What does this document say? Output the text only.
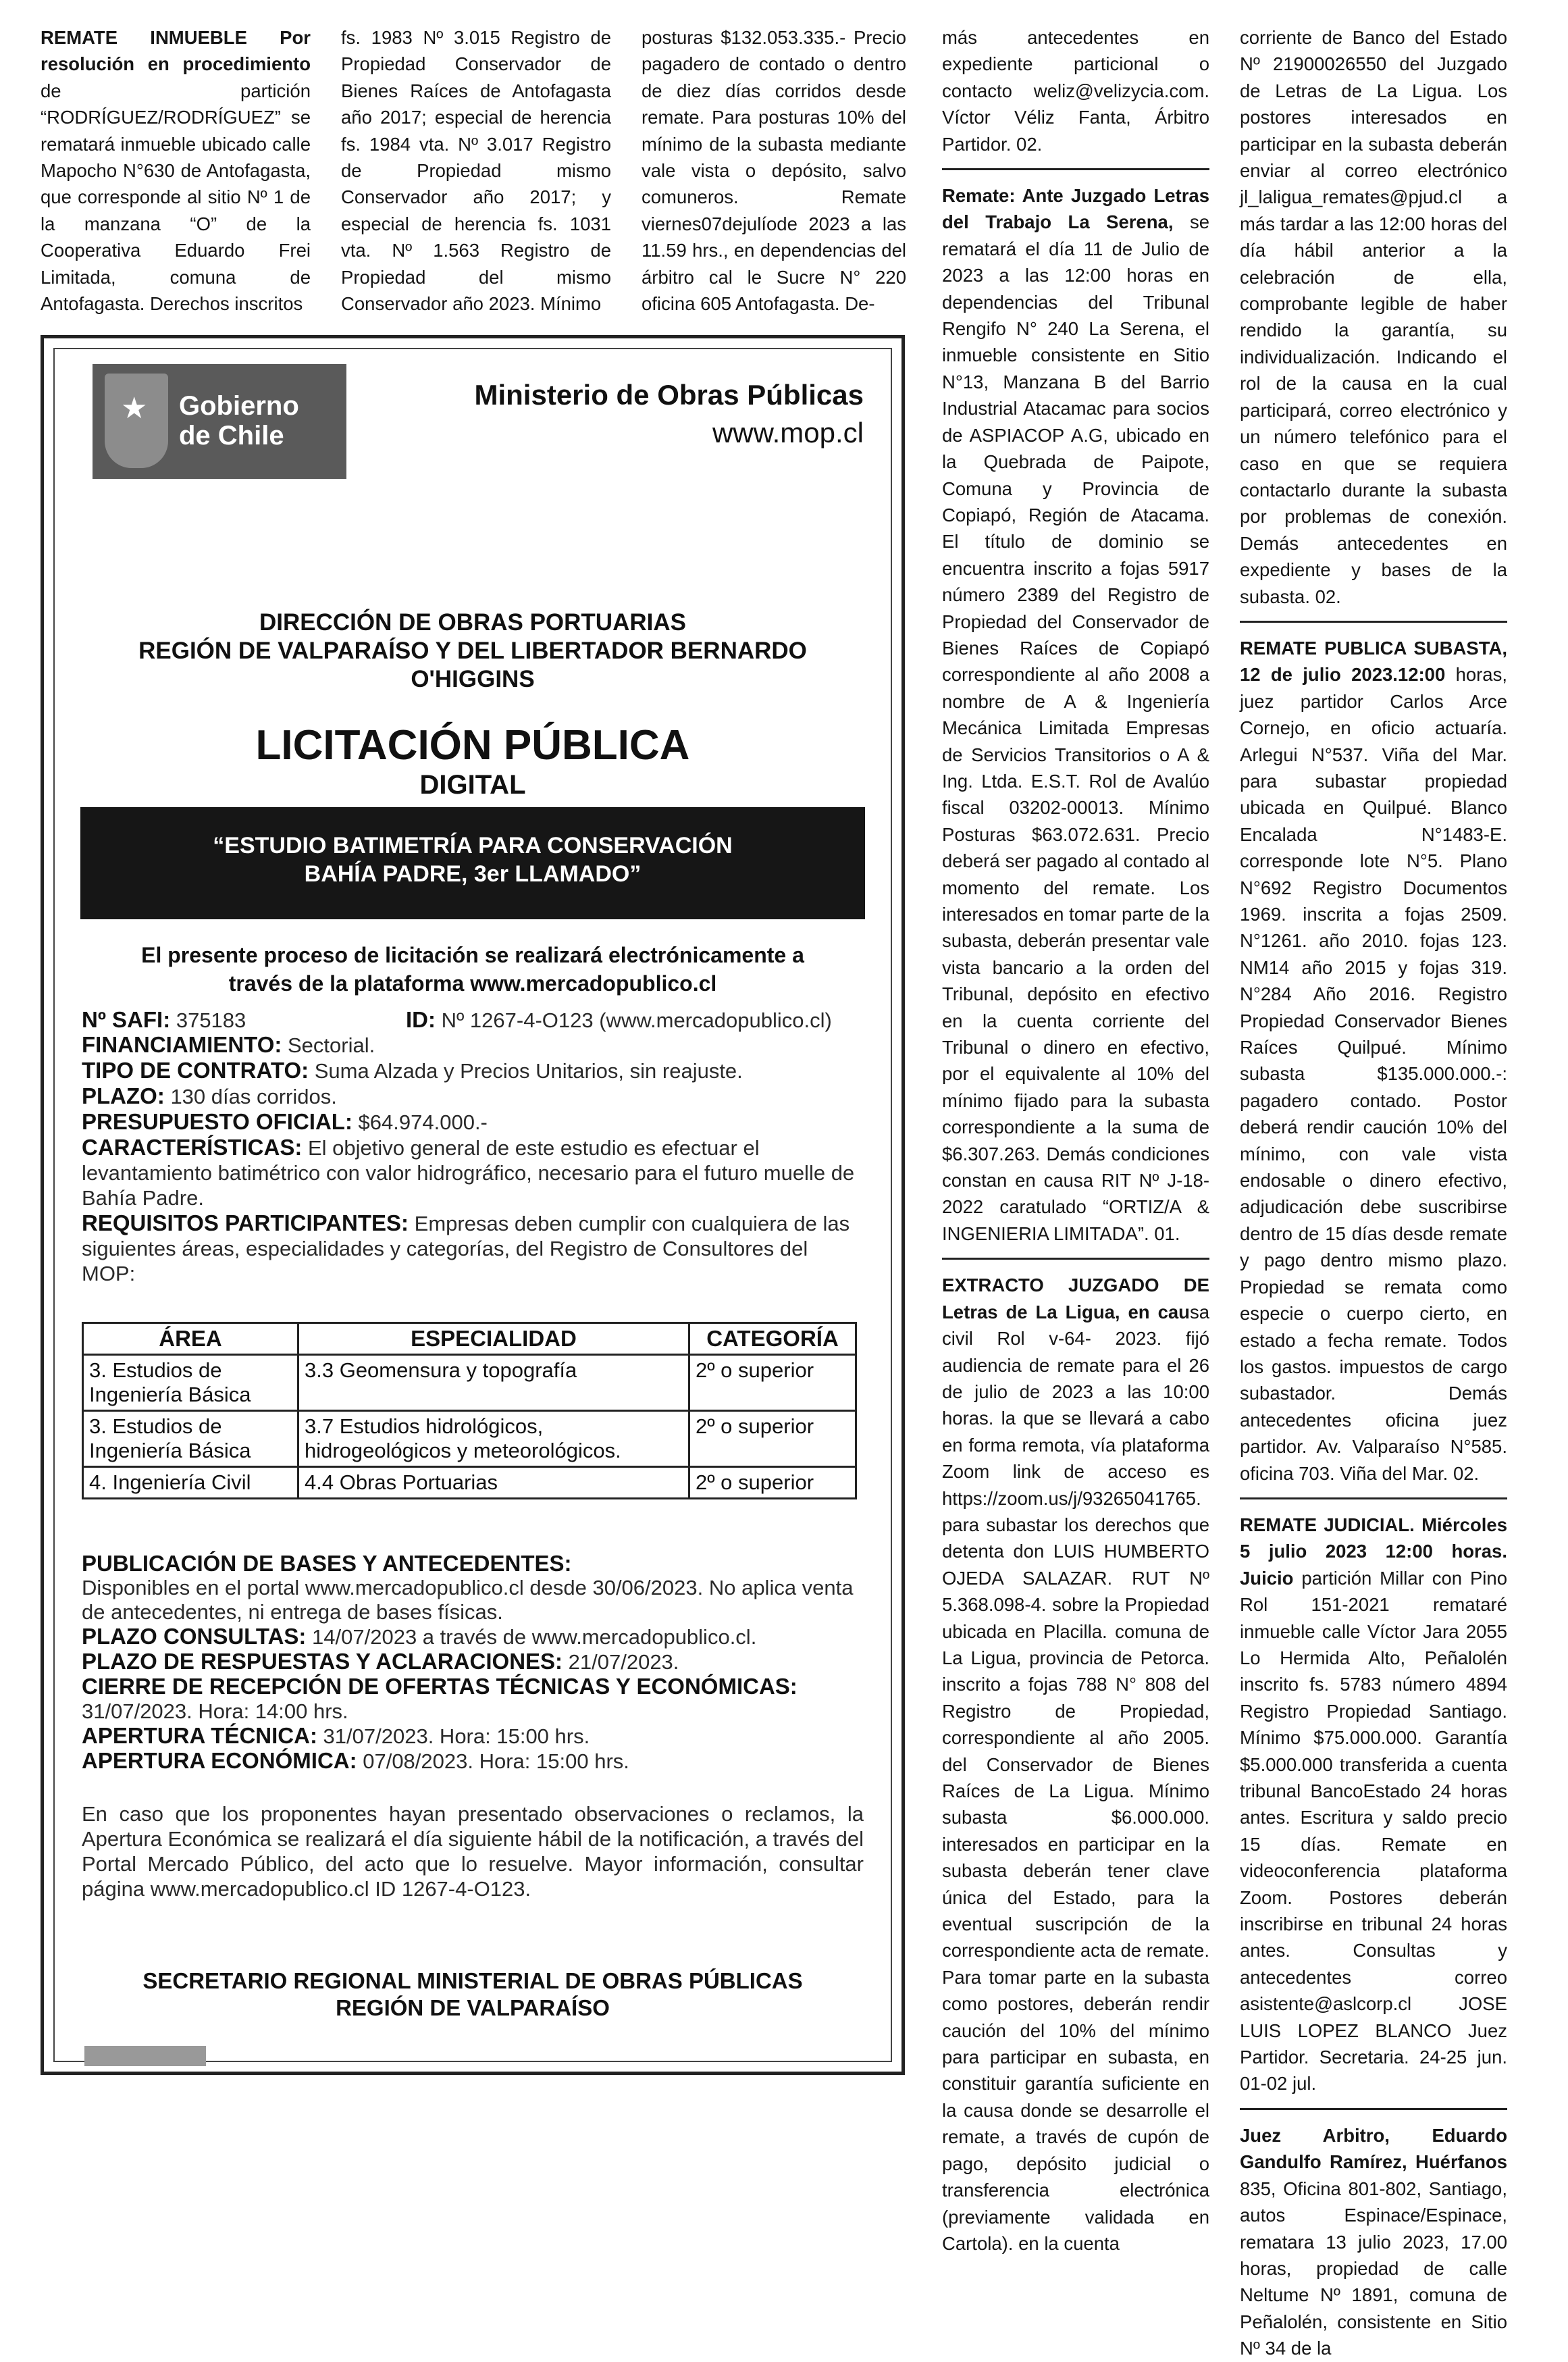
REMATE INMUEBLE Por resolución en procedimiento de partición “RODRÍGUEZ/RODRÍGUEZ” se rematará inmueble ubicado calle Mapocho N°630 de Antofagasta, que corresponde al sitio Nº 1 de la manzana “O” de la Cooperativa Eduardo Frei Limitada, comuna de Antofagasta. Derechos inscritos

fs. 1983 Nº 3.015 Registro de Propiedad Conservador de Bienes Raíces de Antofagasta año 2017; especial de herencia fs. 1984 vta. Nº 3.017 Registro de Propiedad mismo Conservador año 2017; y especial de herencia fs. 1031 vta. Nº 1.563 Registro de Propiedad del mismo Conservador año 2023. Mínimo

posturas $132.053.335.- Precio pagadero de contado o dentro de diez días corridos desde remate. Para posturas 10% del mínimo de la subasta mediante vale vista o depósito, salvo comuneros. Remate viernes07dejulíode 2023 a las 11.59 hrs., en dependencias del árbitro cal le Sucre N° 220 oficina 605 Antofagasta. De-

más antecedentes en expediente particional o contacto weliz@velizycia.com. Víctor Véliz Fanta, Árbitro Partidor. 02.

Remate: Ante Juzgado Letras del Trabajo La Serena, se rematará el día 11 de Julio de 2023 a las 12:00 horas en dependencias del Tribunal Rengifo N° 240 La Serena, el inmueble consistente en Sitio N°13, Manzana B del Barrio Industrial Atacamac para socios de ASPIACOP A.G, ubicado en la Quebrada de Paipote, Comuna y Provincia de Copiapó, Región de Atacama. El título de dominio se encuentra inscrito a fojas 5917 número 2389 del Registro de Propiedad del Conservador de Bienes Raíces de Copiapó correspondiente al año 2008 a nombre de A & Ingeniería Mecánica Limitada Empresas de Servicios Transitorios o A & Ing. Ltda. E.S.T. Rol de Avalúo fiscal 03202-00013. Mínimo Posturas $63.072.631. Precio deberá ser pagado al contado al momento del remate. Los interesados en tomar parte de la subasta, deberán presentar vale vista bancario a la orden del Tribunal, depósito en efectivo en la cuenta corriente del Tribunal o dinero en efectivo, por el equivalente al 10% del mínimo fijado para la subasta correspondiente a la suma de $6.307.263. Demás condiciones constan en causa RIT Nº J-18-2022 caratulado “ORTIZ/A & INGENIERIA LIMITADA”. 01.

EXTRACTO JUZGADO DE Letras de La Ligua, en causa civil Rol v-64- 2023. fijó audiencia de remate para el 26 de julio de 2023 a las 10:00 horas. la que se llevará a cabo en forma remota, vía plataforma Zoom link de acceso es https://zoom.us/j/93265041765. para subastar los derechos que detenta don LUIS HUMBERTO OJEDA SALAZAR. RUT Nº 5.368.098-4. sobre la Propiedad ubicada en Placilla. comuna de La Ligua, provincia de Petorca. inscrito a fojas 788 N° 808 del Registro de Propiedad, correspondiente al año 2005. del Conservador de Bienes Raíces de La Ligua. Mínimo subasta $6.000.000. interesados en participar en la subasta deberán tener clave única del Estado, para la eventual suscripción de la correspondiente acta de remate. Para tomar parte en la subasta como postores, deberán rendir caución del 10% del mínimo para participar en subasta, en constituir garantía suficiente en la causa donde se desarrolle el remate, a través de cupón de pago, depósito judicial o transferencia electrónica (previamente validada en Cartola). en la cuenta

corriente de Banco del Estado Nº 21900026550 del Juzgado de Letras de La Ligua. Los postores interesados en participar en la subasta deberán enviar al correo electrónico jl_laligua_remates@pjud.cl a más tardar a las 12:00 horas del día hábil anterior a la celebración de ella, comprobante legible de haber rendido la garantía, su individualización. Indicando el rol de la causa en la cual participará, correo electrónico y un número telefónico para el caso en que se requiera contactarlo durante la subasta por problemas de conexión. Demás antecedentes en expediente y bases de la subasta. 02.

REMATE PUBLICA SUBASTA, 12 de julio 2023.12:00 horas, juez partidor Carlos Arce Cornejo, en oficio actuaría. Arlegui N°537. Viña del Mar. para subastar propiedad ubicada en Quilpué. Blanco Encalada N°1483-E. corresponde lote N°5. Plano N°692 Registro Documentos 1969. inscrita a fojas 2509. N°1261. año 2010. fojas 123. NM14 año 2015 y fojas 319. N°284 Año 2016. Registro Propiedad Conservador Bienes Raíces Quilpué. Mínimo subasta $135.000.000.-: pagadero contado. Postor deberá rendir caución 10% del mínimo, con vale vista endosable o dinero efectivo, adjudicación debe suscribirse dentro de 15 días desde remate y pago dentro mismo plazo. Propiedad se remata como especie o cuerpo cierto, en estado a fecha remate. Todos los gastos. impuestos de cargo subastador. Demás antecedentes oficina juez partidor. Av. Valparaíso N°585. oficina 703. Viña del Mar. 02.

REMATE JUDICIAL. Miércoles 5 julio 2023 12:00 horas. Juicio partición Millar con Pino Rol 151-2021 remataré inmueble calle Víctor Jara 2055 Lo Hermida Alto, Peñalolén inscrito fs. 5783 número 4894 Registro Propiedad Santiago. Mínimo $75.000.000. Garantía $5.000.000 transferida a cuenta tribunal BancoEstado 24 horas antes. Escritura y saldo precio 15 días. Remate en videoconferencia plataforma Zoom. Postores deberán inscribirse en tribunal 24 horas antes. Consultas y antecedentes correo asistente@aslcorp.cl JOSE LUIS LOPEZ BLANCO Juez Partidor. Secretaria. 24-25 jun. 01-02 jul.

Juez Arbitro, Eduardo Gandulfo Ramírez, Huérfanos 835, Oficina 801-802, Santiago, autos Espinace/Espinace, rematara 13 julio 2023, 17.00 horas, propiedad de calle Neltume Nº 1891, comuna de Peñalolén, consistente en Sitio Nº 34 de la

★ Gobierno
de Chile
Ministerio de Obras Públicas
www.mop.cl
DIRECCIÓN DE OBRAS PORTUARIAS
REGIÓN DE VALPARAÍSO Y DEL LIBERTADOR BERNARDO
O'HIGGINS
LICITACIÓN PÚBLICA
DIGITAL
“ESTUDIO BATIMETRÍA PARA CONSERVACIÓN
BAHÍA PADRE, 3er LLAMADO”
El presente proceso de licitación se realizará electrónicamente a
través de la plataforma www.mercadopublico.cl
Nº SAFI: 375183	ID: Nº 1267-4-O123 (www.mercadopublico.cl)

FINANCIAMIENTO: Sectorial.

TIPO DE CONTRATO: Suma Alzada y Precios Unitarios, sin reajuste.

PLAZO: 130 días corridos.

PRESUPUESTO OFICIAL: $64.974.000.-

CARACTERÍSTICAS: El objetivo general de este estudio es efectuar el levantamiento batimétrico con valor hidrográfico, necesario para el futuro muelle de Bahía Padre.

REQUISITOS PARTICIPANTES: Empresas deben cumplir con cualquiera de las siguientes áreas, especialidades y categorías, del Registro de Consultores del MOP:

ÁREA	ESPECIALIDAD	CATEGORÍA
3. Estudios de Ingeniería Básica	3.3 Geomensura y topografía	2º o superior
3. Estudios de Ingeniería Básica	3.7 Estudios hidrológicos, hidrogeológicos y meteorológicos.	2º o superior
4. Ingeniería Civil	4.4 Obras Portuarias	2º o superior

PUBLICACIÓN DE BASES Y ANTECEDENTES:

Disponibles en el portal www.mercadopublico.cl desde 30/06/2023. No aplica venta de antecedentes, ni entrega de bases físicas.

PLAZO CONSULTAS: 14/07/2023 a través de www.mercadopublico.cl.

PLAZO DE RESPUESTAS Y ACLARACIONES: 21/07/2023.

CIERRE DE RECEPCIÓN DE OFERTAS TÉCNICAS Y ECONÓMICAS: 31/07/2023. Hora: 14:00 hrs.

APERTURA TÉCNICA: 31/07/2023. Hora: 15:00 hrs.

APERTURA ECONÓMICA: 07/08/2023. Hora: 15:00 hrs.

En caso que los proponentes hayan presentado observaciones o reclamos, la Apertura Económica se realizará el día siguiente hábil de la notificación, a través del Portal Mercado Público, del acto que lo resuelve. Mayor información, consultar página www.mercadopublico.cl ID 1267-4-O123.
SECRETARIO REGIONAL MINISTERIAL DE OBRAS PÚBLICAS
REGIÓN DE VALPARAÍSO
